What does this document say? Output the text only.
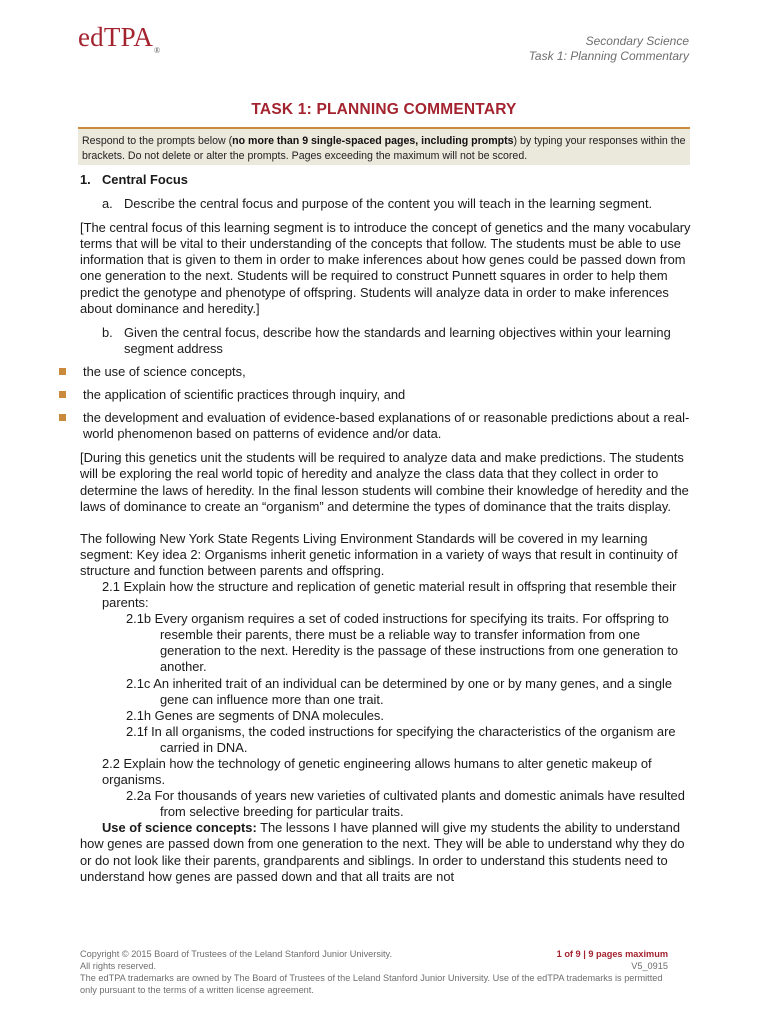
edTPA®
Secondary Science
Task 1: Planning Commentary
TASK 1: PLANNING COMMENTARY
Respond to the prompts below (no more than 9 single-spaced pages, including prompts) by typing your responses within the brackets. Do not delete or alter the prompts. Pages exceeding the maximum will not be scored.

1. Central Focus

a. Describe the central focus and purpose of the content you will teach in the learning segment.

[The central focus of this learning segment is to introduce the concept of genetics and the many vocabulary terms that will be vital to their understanding of the concepts that follow. The students must be able to use information that is given to them in order to make inferences about how genes could be passed down from one generation to the next. Students will be required to construct Punnett squares in order to help them predict the genotype and phenotype of offspring. Students will analyze data in order to make inferences about dominance and heredity.]

b. Given the central focus, describe how the standards and learning objectives within your learning segment address
the use of science concepts,
the application of scientific practices through inquiry, and
the development and evaluation of evidence-based explanations of or reasonable predictions about a real-world phenomenon based on patterns of evidence and/or data.

[During this genetics unit the students will be required to analyze data and make predictions. The students will be exploring the real world topic of heredity and analyze the class data that they collect in order to determine the laws of heredity. In the final lesson students will combine their knowledge of heredity and the laws of dominance to create an “organism” and determine the types of dominance that the traits display.

The following New York State Regents Living Environment Standards will be covered in my learning segment: Key idea 2: Organisms inherit genetic information in a variety of ways that result in continuity of structure and function between parents and offspring.

2.1 Explain how the structure and replication of genetic material result in offspring that resemble their parents:

2.1b Every organism requires a set of coded instructions for specifying its traits. For offspring to resemble their parents, there must be a reliable way to transfer information from one generation to the next. Heredity is the passage of these instructions from one generation to another.

2.1c An inherited trait of an individual can be determined by one or by many genes, and a single gene can influence more than one trait.

2.1h Genes are segments of DNA molecules.

2.1f In all organisms, the coded instructions for specifying the characteristics of the organism are carried in DNA.

2.2 Explain how the technology of genetic engineering allows humans to alter genetic makeup of organisms.

2.2a For thousands of years new varieties of cultivated plants and domestic animals have resulted from selective breeding for particular traits.

Use of science concepts: The lessons I have planned will give my students the ability to understand how genes are passed down from one generation to the next. They will be able to understand why they do or do not look like their parents, grandparents and siblings. In order to understand this students need to understand how genes are passed down and that all traits are not

Copyright © 2015 Board of Trustees of the Leland Stanford Junior University.	1 of 9 | 9 pages maximum
All rights reserved.	V5_0915
The edTPA trademarks are owned by The Board of Trustees of the Leland Stanford Junior University. Use of the edTPA trademarks is permitted only pursuant to the terms of a written license agreement.
